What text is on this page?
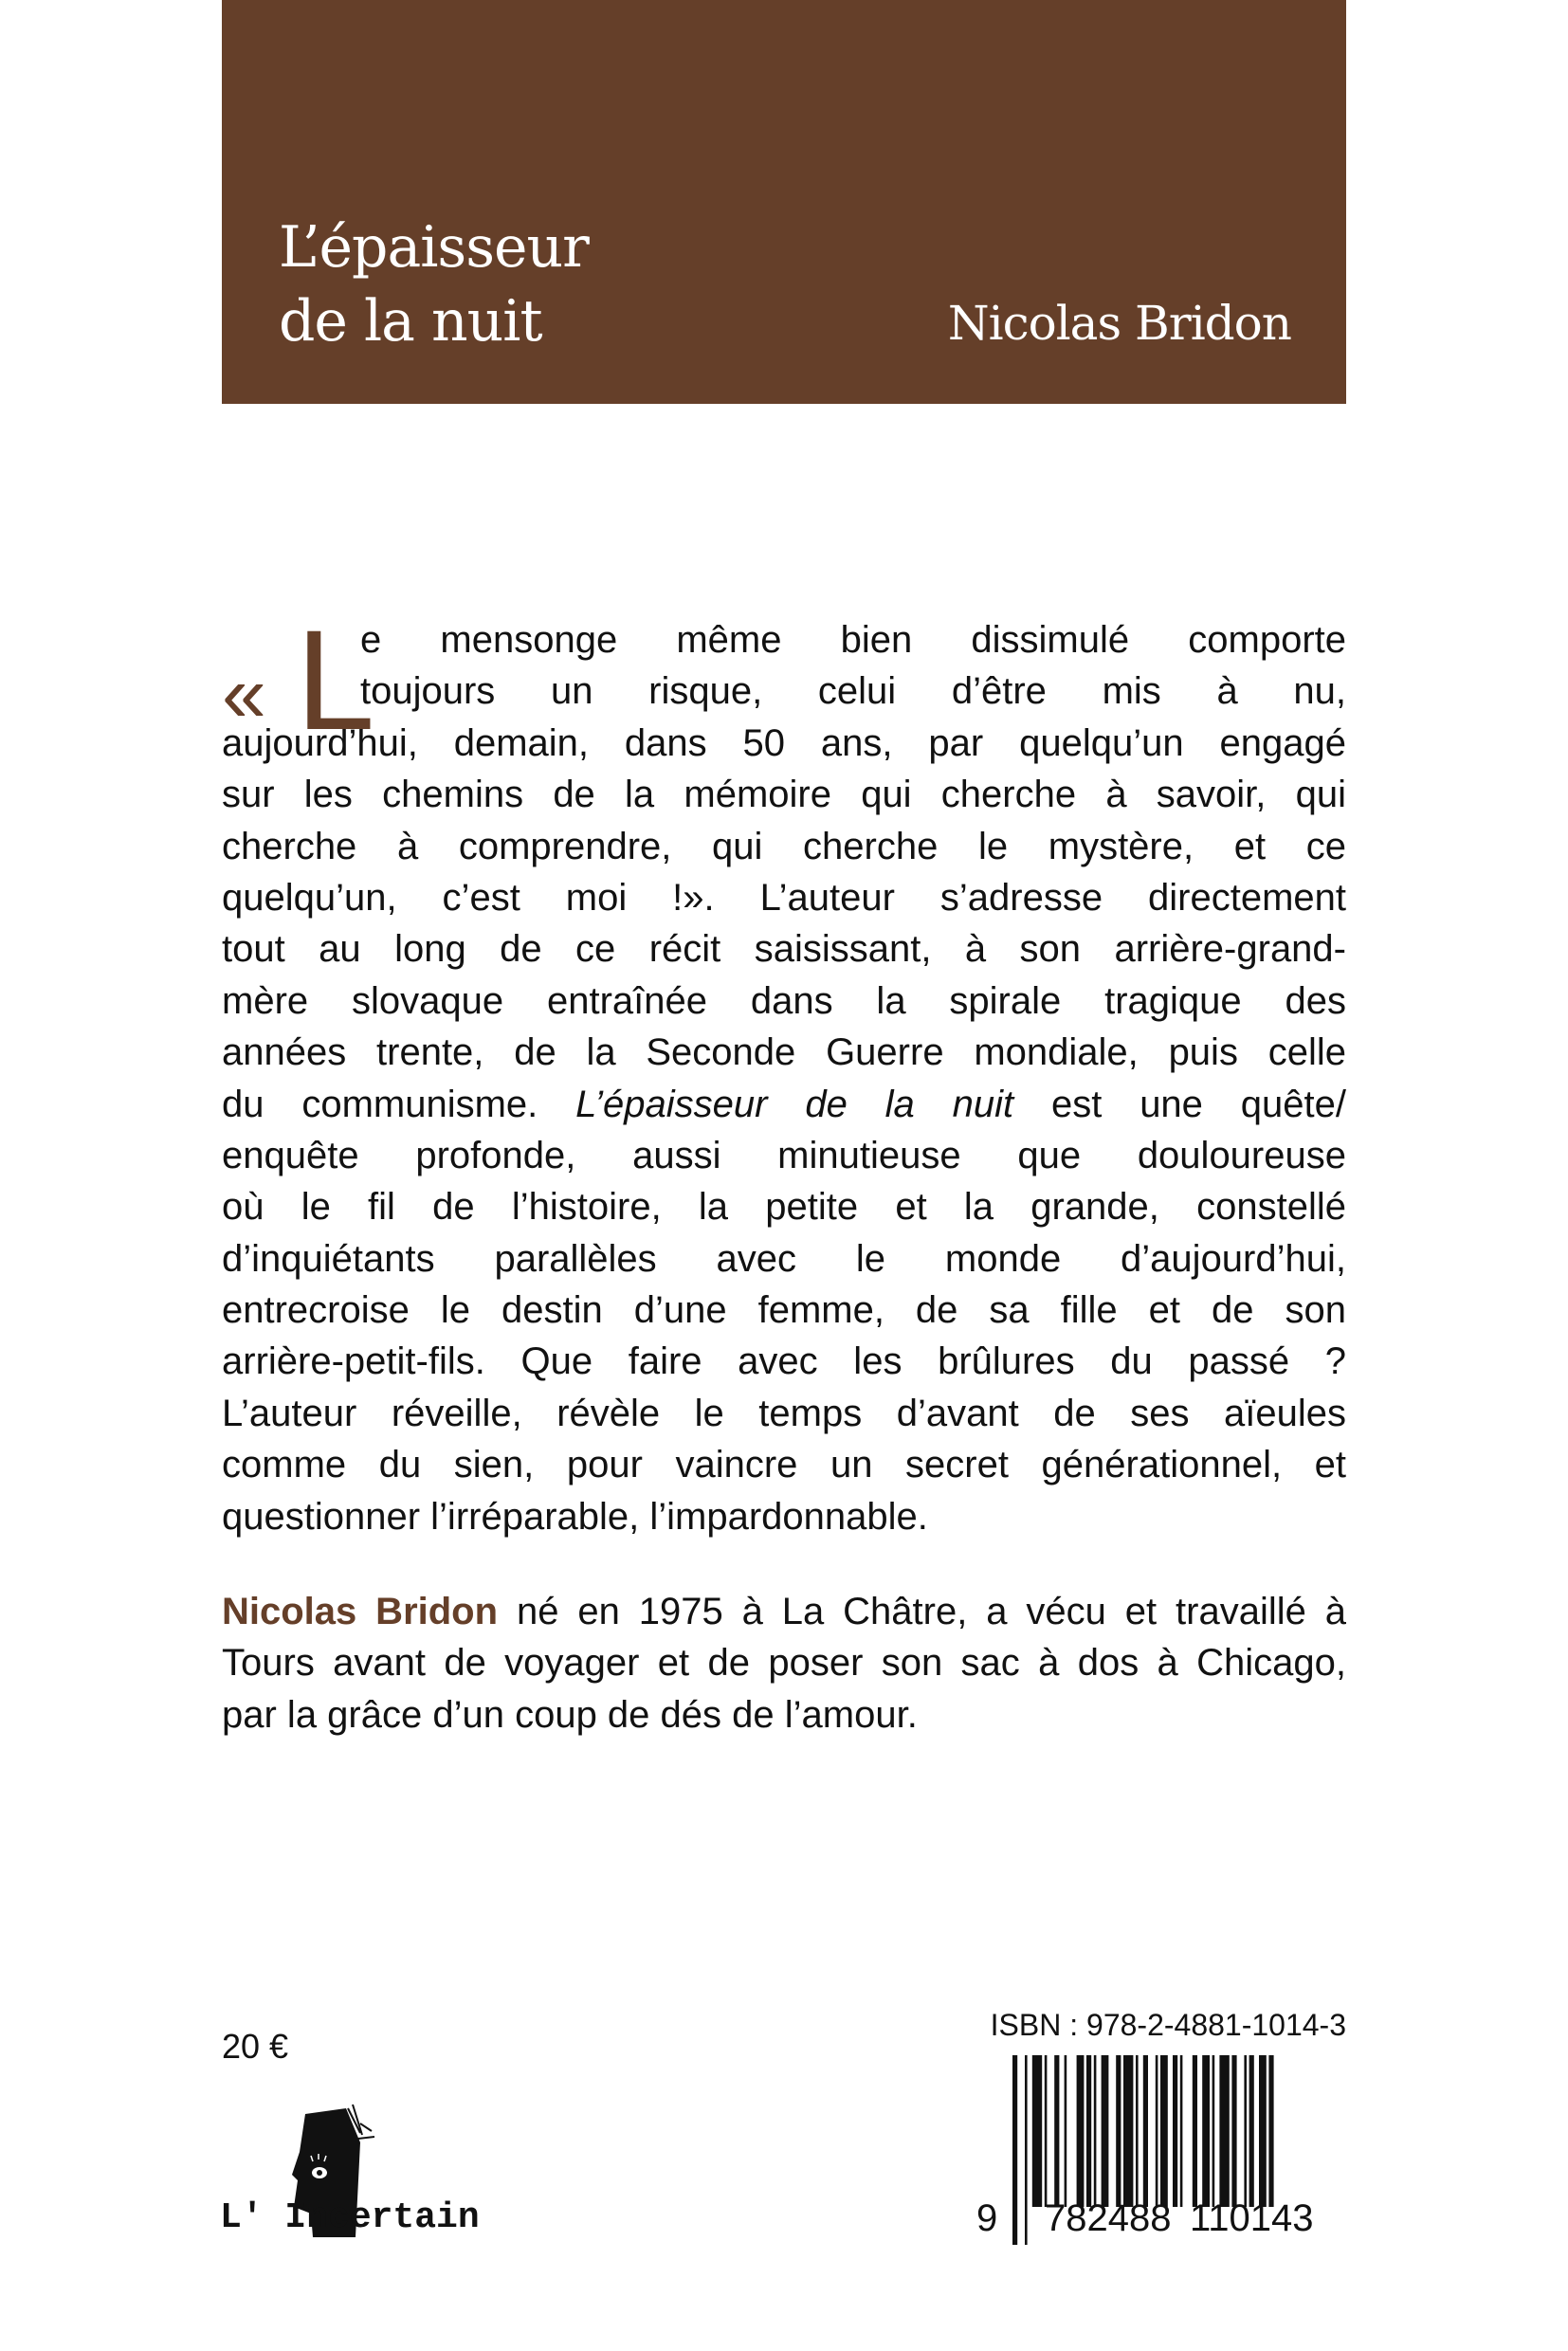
L’épaisseur
de la nuit	Nicolas Bridon
« L
e mensonge même bien dissimulé comporte
toujours un risque, celui d’être mis à nu,
aujourd’hui, demain, dans 50 ans, par quelqu’un engagé
sur les chemins de la mémoire qui cherche à savoir, qui
cherche à comprendre, qui cherche le mystère, et ce
quelqu’un, c’est moi !». L’auteur s’adresse directement
tout au long de ce récit saisissant, à son arrière-grand-
mère slovaque entraînée dans la spirale tragique des
années trente, de la Seconde Guerre mondiale, puis celle
du communisme. L’épaisseur de la nuit est une quête/
enquête profonde, aussi minutieuse que douloureuse
où le fil de l’histoire, la petite et la grande, constellé
d’inquiétants parallèles avec le monde d’aujourd’hui,
entrecroise le destin d’une femme, de sa fille et de son
arrière-petit-fils. Que faire avec les brûlures du passé ?
L’auteur réveille, révèle le temps d’avant de ses aïeules
comme du sien, pour vaincre un secret générationnel, et
questionner l’irréparable, l’impardonnable.
Nicolas Bridon né en 1975 à La Châtre, a vécu et travaillé à
Tours avant de voyager et de poser son sac à dos à Chicago,
par la grâce d’un coup de dés de l’amour.
20 €
L' Incertain
ISBN : 978-2-4881-1014-3
9 782488 110143
